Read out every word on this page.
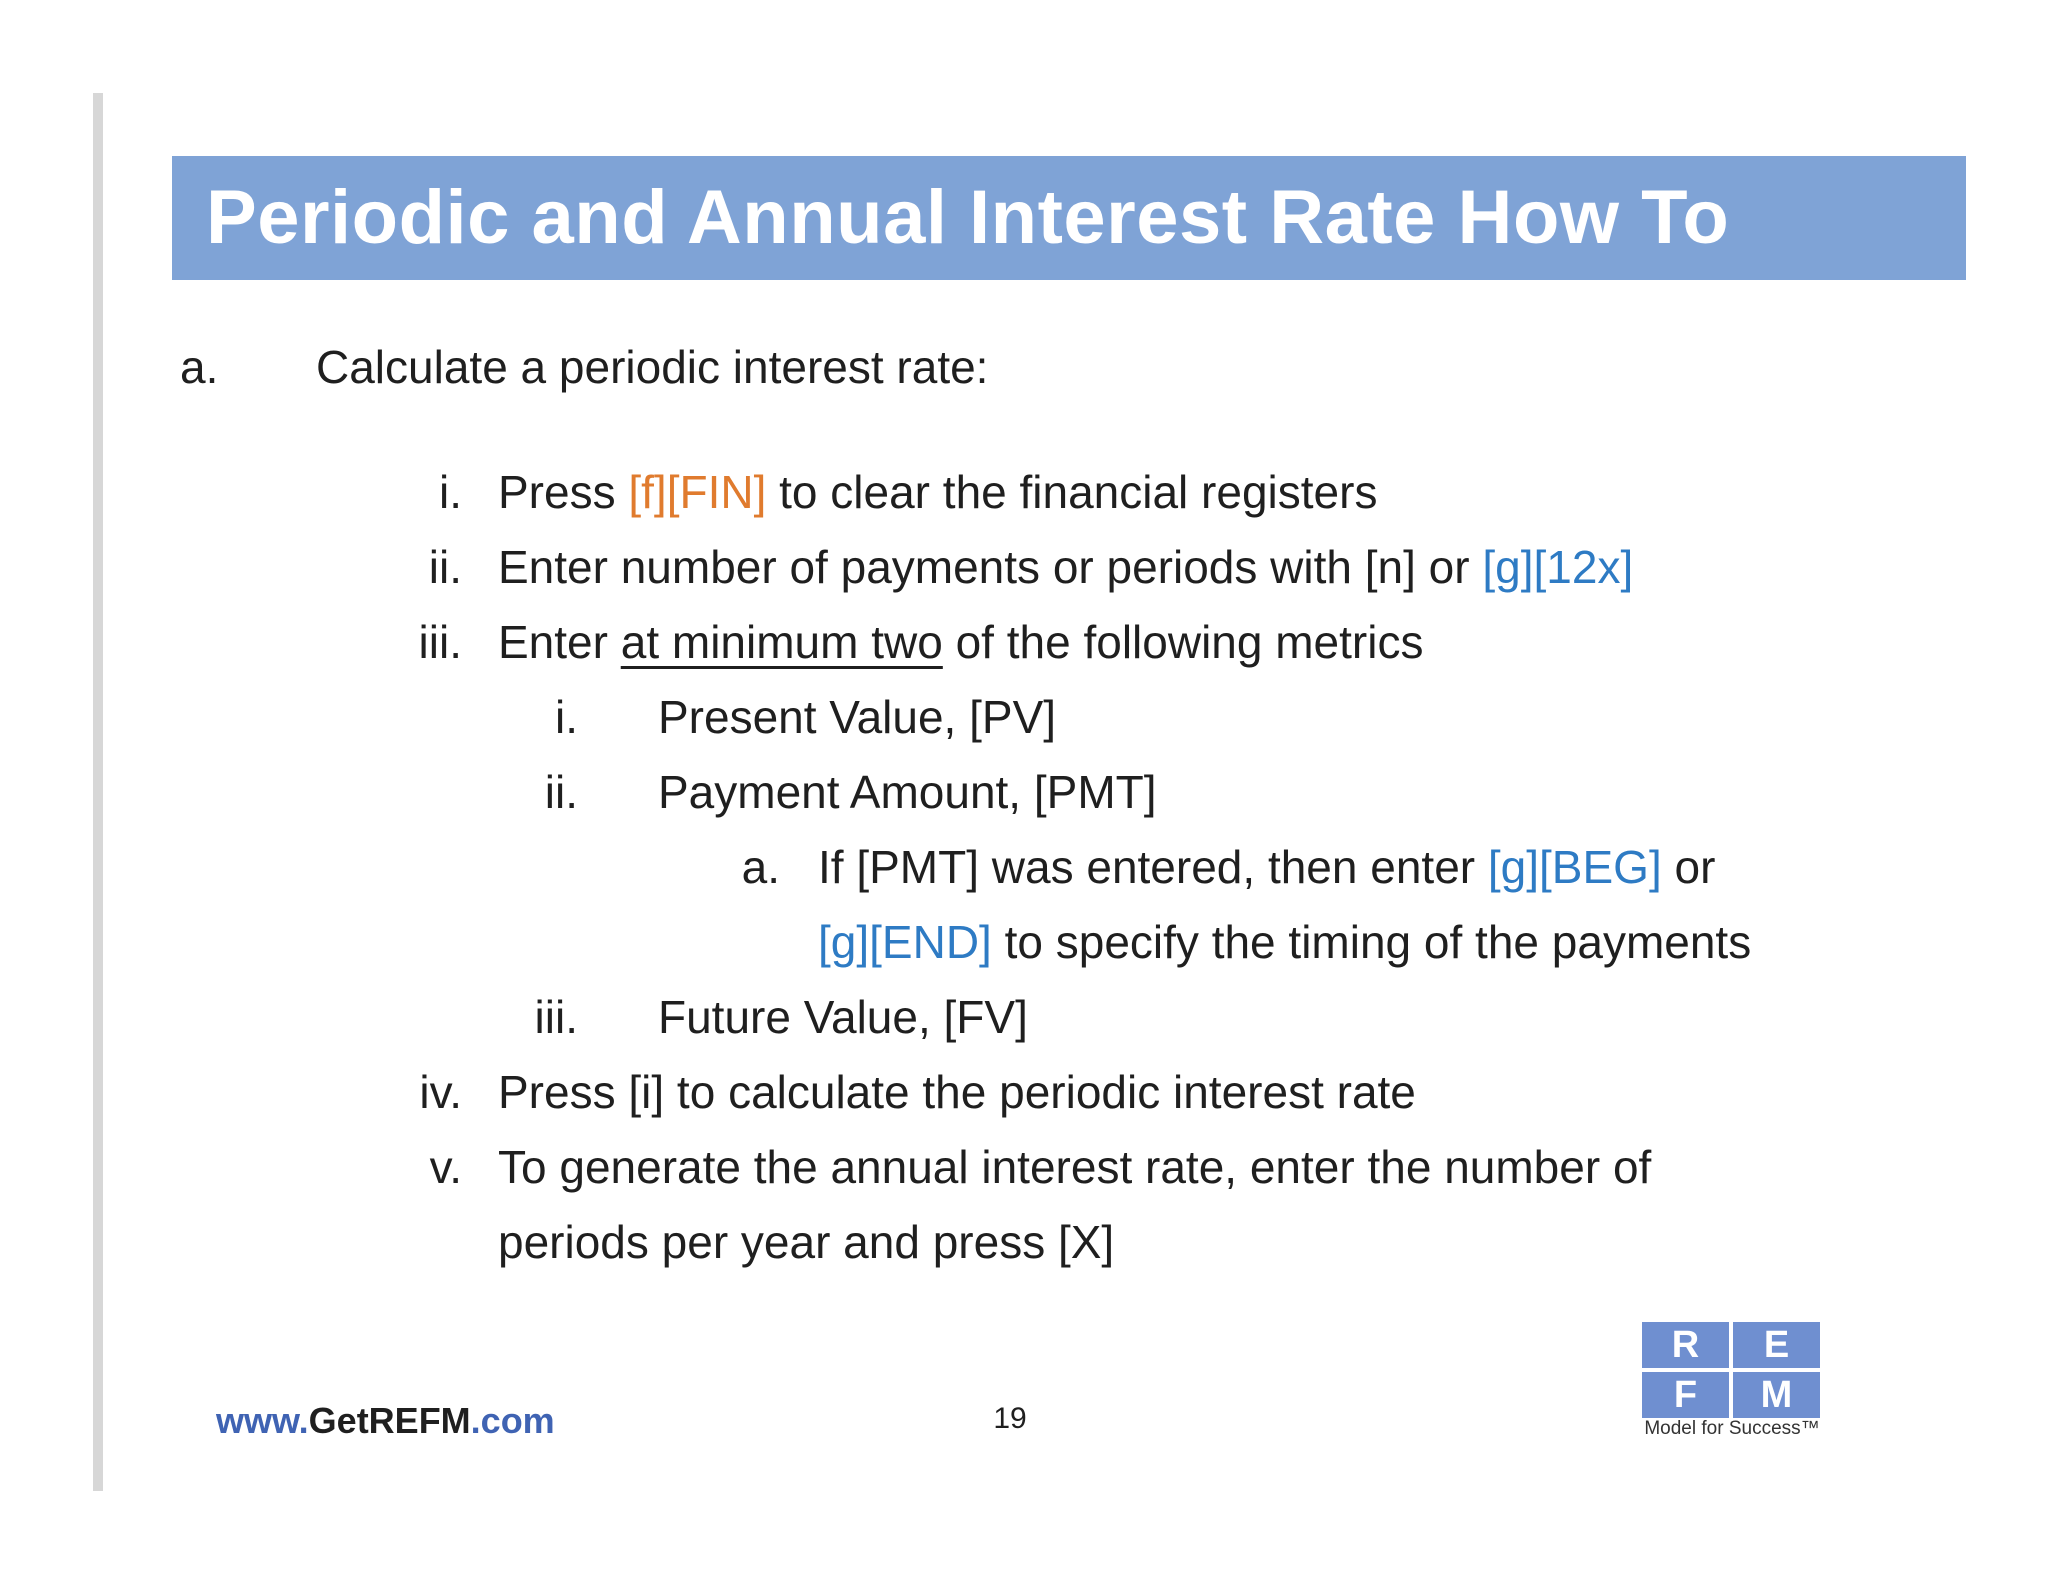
Periodic and Annual Interest Rate How To
a.	Calculate a periodic interest rate:
i. Press [f][FIN] to clear the financial registers
ii. Enter number of payments or periods with [n] or [g][12x]
iii. Enter at minimum two of the following metrics
i. Present Value, [PV]
ii. Payment Amount, [PMT]
a. If [PMT] was entered, then enter [g][BEG] or
[g][END] to specify the timing of the payments
iii. Future Value, [FV]
iv. Press [i] to calculate the periodic interest rate
v. To generate the annual interest rate, enter the number of
periods per year and press [X]
www.GetREFM.com	19
R	E
F	M
Model for Success™
